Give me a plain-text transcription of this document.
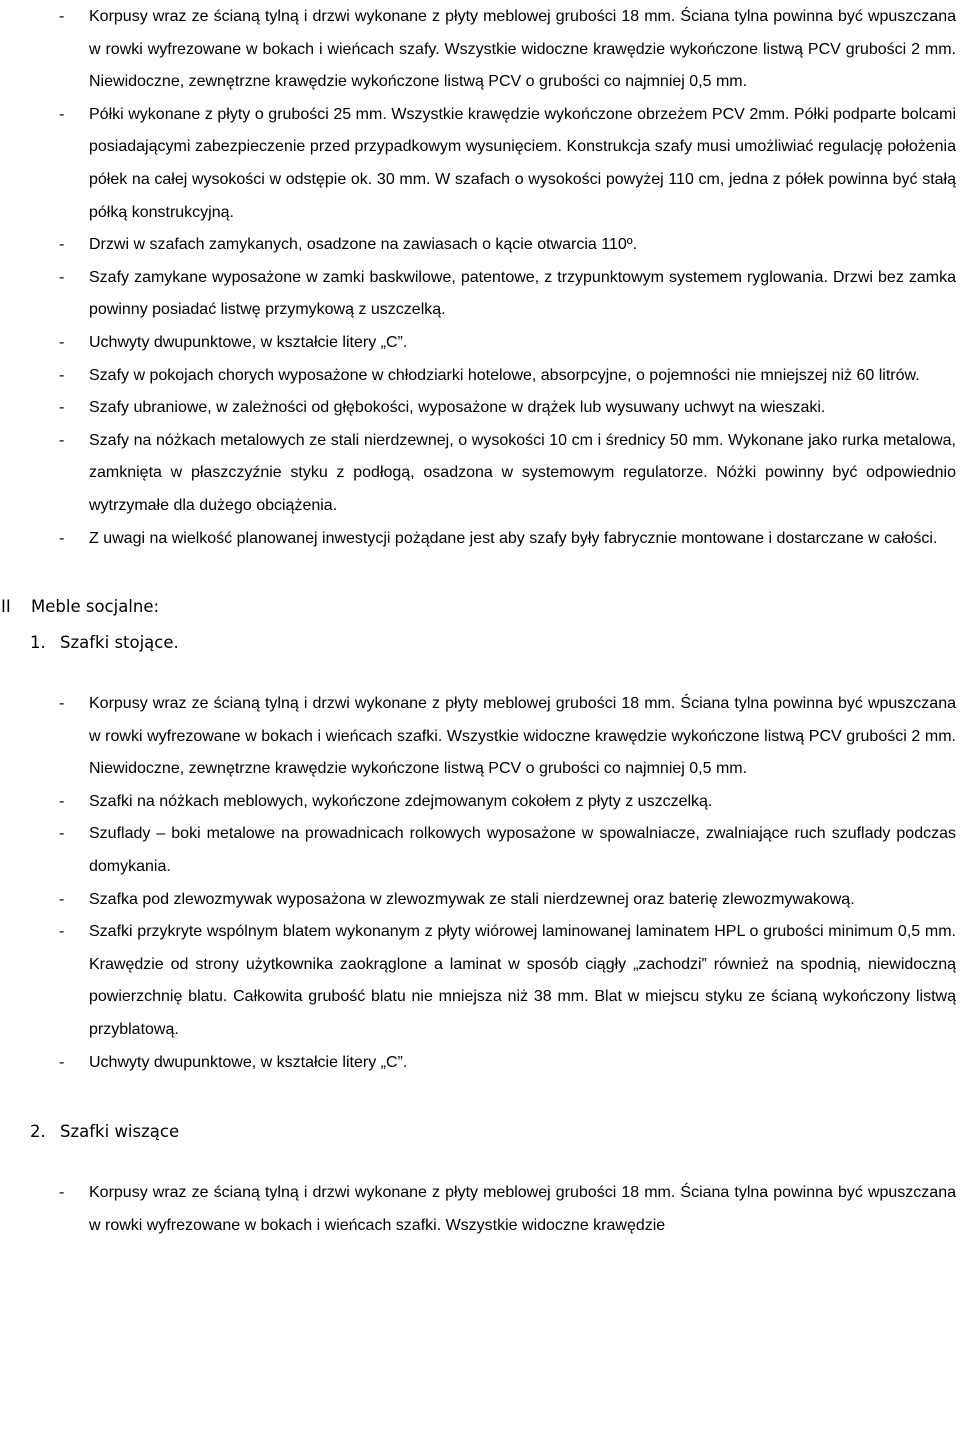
- Korpusy wraz ze ścianą tylną i drzwi wykonane z płyty meblowej grubości 18 mm. Ściana tylna powinna być wpuszczana w rowki wyfrezowane w bokach i wieńcach szafy. Wszystkie widoczne krawędzie wykończone listwą PCV grubości 2 mm. Niewidoczne, zewnętrzne krawędzie wykończone listwą PCV o grubości co najmniej 0,5 mm.

- Półki wykonane z płyty o grubości 25 mm. Wszystkie krawędzie wykończone obrzeżem PCV 2mm. Półki podparte bolcami posiadającymi zabezpieczenie przed przypadkowym wysunięciem. Konstrukcja szafy musi umożliwiać regulację położenia półek na całej wysokości w odstępie ok. 30 mm. W szafach o wysokości powyżej 110 cm, jedna z półek powinna być stałą półką konstrukcyjną.

- Drzwi w szafach zamykanych, osadzone na zawiasach o kącie otwarcia 110º.

- Szafy zamykane wyposażone w zamki baskwilowe, patentowe, z trzypunktowym systemem ryglowania. Drzwi bez zamka powinny posiadać listwę przymykową z uszczelką.

- Uchwyty dwupunktowe, w kształcie litery „C”.

- Szafy w pokojach chorych wyposażone w chłodziarki hotelowe, absorpcyjne, o pojemności nie mniejszej niż 60 litrów.

- Szafy ubraniowe, w zależności od głębokości, wyposażone w drążek lub wysuwany uchwyt na wieszaki.

- Szafy na nóżkach metalowych ze stali nierdzewnej, o wysokości 10 cm i średnicy 50 mm. Wykonane jako rurka metalowa, zamknięta w płaszczyźnie styku z podłogą, osadzona w systemowym regulatorze. Nóżki powinny być odpowiednio wytrzymałe dla dużego obciążenia.

- Z uwagi na wielkość planowanej inwestycji pożądane jest aby szafy były fabrycznie montowane i dostarczane w całości.

II Meble socjalne:
1. Szafki stojące.

- Korpusy wraz ze ścianą tylną i drzwi wykonane z płyty meblowej grubości 18 mm. Ściana tylna powinna być wpuszczana w rowki wyfrezowane w bokach i wieńcach szafki. Wszystkie widoczne krawędzie wykończone listwą PCV grubości 2 mm. Niewidoczne, zewnętrzne krawędzie wykończone listwą PCV o grubości co najmniej 0,5 mm.

- Szafki na nóżkach meblowych, wykończone zdejmowanym cokołem z płyty z uszczelką.

- Szuflady – boki metalowe na prowadnicach rolkowych wyposażone w spowalniacze, zwalniające ruch szuflady podczas domykania.

- Szafka pod zlewozmywak wyposażona w zlewozmywak ze stali nierdzewnej oraz baterię zlewozmywakową.

- Szafki przykryte wspólnym blatem wykonanym z płyty wiórowej laminowanej laminatem HPL o grubości minimum 0,5 mm. Krawędzie od strony użytkownika zaokrąglone a laminat w sposób ciągły „zachodzi” również na spodnią, niewidoczną powierzchnię blatu. Całkowita grubość blatu nie mniejsza niż 38 mm. Blat w miejscu styku ze ścianą wykończony listwą przyblatową.

- Uchwyty dwupunktowe, w kształcie litery „C”.

2. Szafki wiszące

- Korpusy wraz ze ścianą tylną i drzwi wykonane z płyty meblowej grubości 18 mm. Ściana tylna powinna być wpuszczana w rowki wyfrezowane w bokach i wieńcach szafki. Wszystkie widoczne krawędzie
